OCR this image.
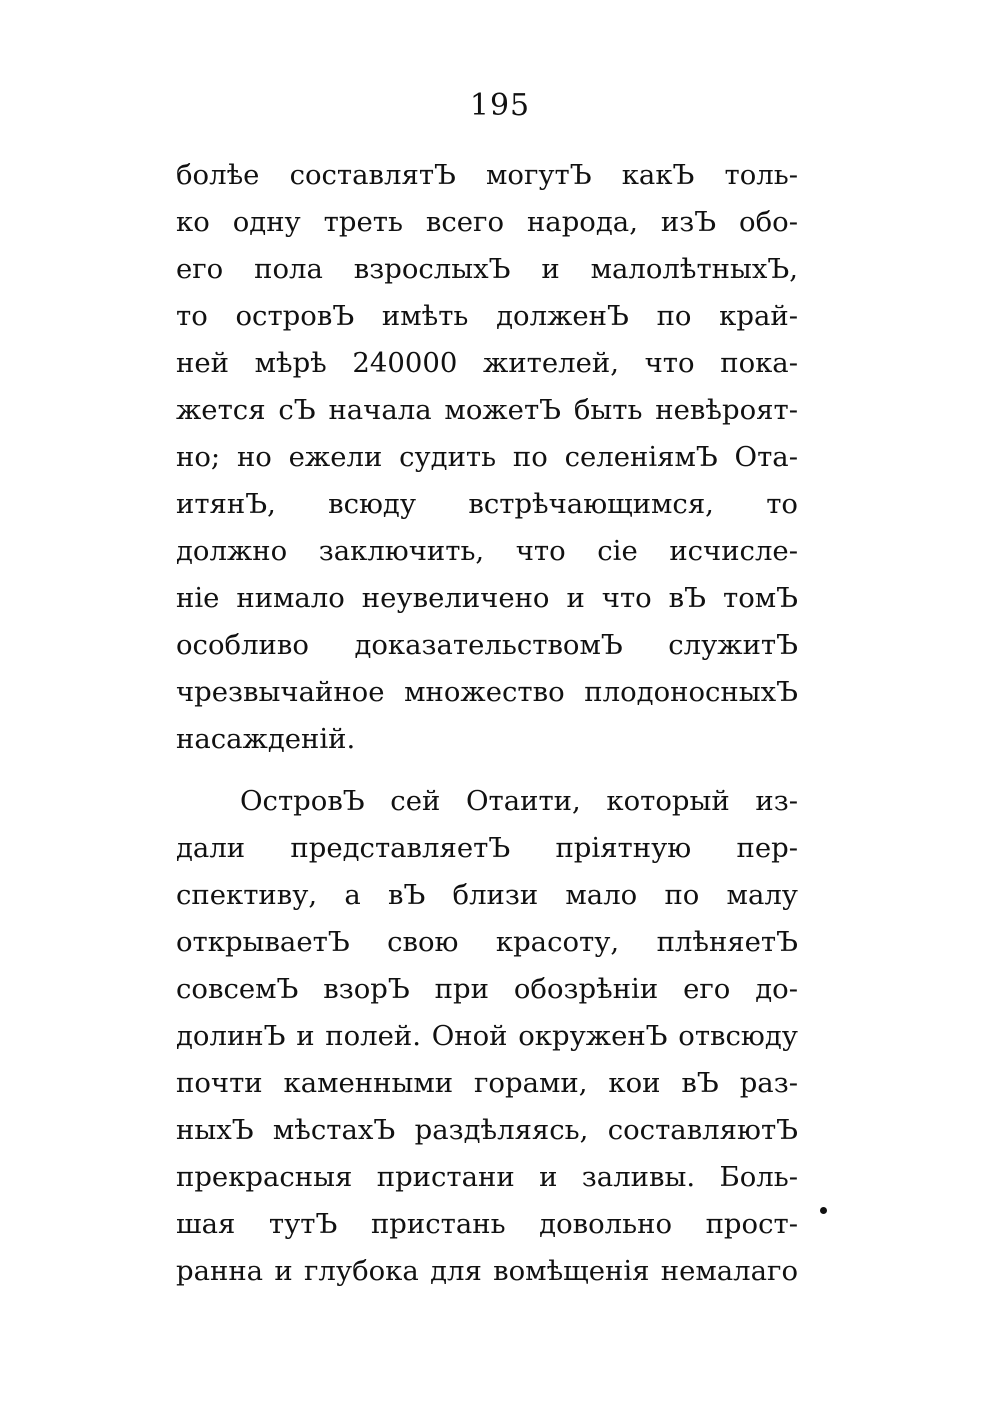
195
болѣе составлятЪ могутЪ какЪ толь-
ко одну треть всего народа, изЪ обо-
его пола взрослыхЪ и малолѣтныхЪ,
то островЪ имѣть долженЪ по край-
ней мѣрѣ 240000 жителей, что пока-
жется сЪ начала можетЪ быть невѣроят-
но; но ежели судить по селеніямЪ Ота-
итянЪ, всюду встрѣчающимся, то
должно заключить, что сіе исчисле-
ніе нимало неувеличено и что вЪ томЪ
особливо доказательствомЪ служитЪ
чрезвычайное множество плодоносныхЪ
насажденій.
ОстровЪ сей Отаити, который из-
дали представляетЪ пріятную пер-
спективу, а вЪ близи мало по малу
открываетЪ свою красоту, плѣняетЪ
совсемЪ взорЪ при обозрѣніи его до-
долинЪ и полей. Оной окруженЪ отвсюду
почти каменными горами, кои вЪ раз-
ныхЪ мѣстахЪ раздѣляясь, составляютЪ
прекрасныя пристани и заливы. Боль-
шая тутЪ пристань довольно прост-
ранна и глубока для вомѣщенія немалаго
